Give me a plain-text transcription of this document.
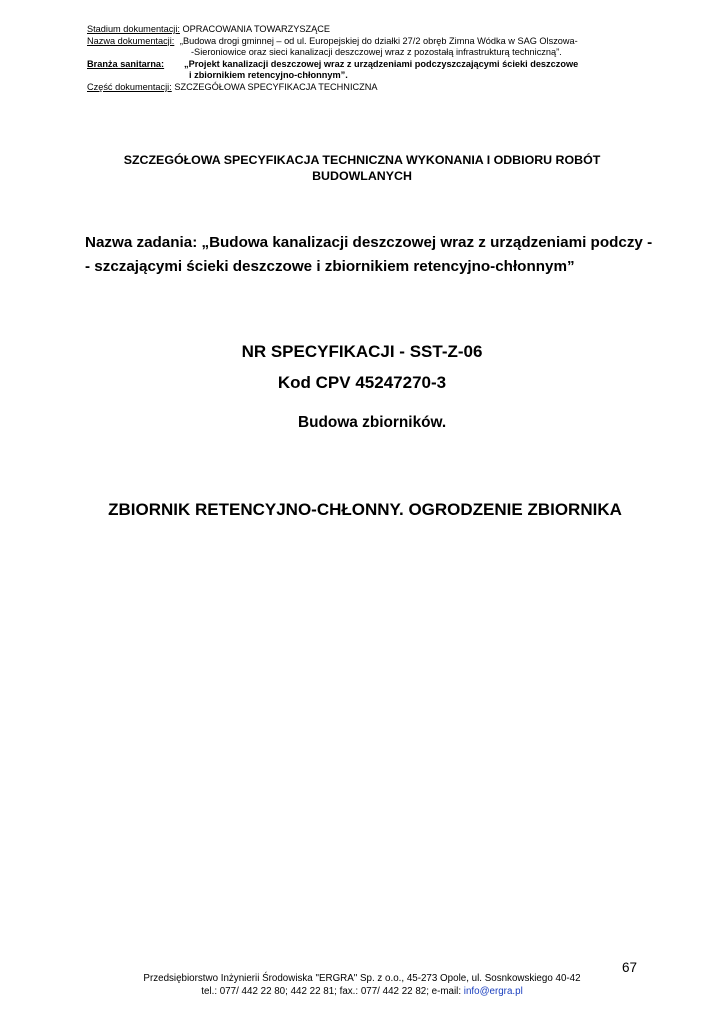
Stadium dokumentacji: OPRACOWANIA TOWARZYSZĄCE
Nazwa dokumentacji: „Budowa drogi gminnej – od ul. Europejskiej do działki 27/2 obręb Zimna Wódka w SAG Olszowa-
-Sieroniowice oraz sieci kanalizacji deszczowej wraz z pozostałą infrastrukturą techniczną”.
Branża sanitarna: „Projekt kanalizacji deszczowej wraz z urządzeniami podczyszczającymi ścieki deszczowe
i zbiornikiem retencyjno-chłonnym”.
Część dokumentacji: SZCZEGÓŁOWA SPECYFIKACJA TECHNICZNA
SZCZEGÓŁOWA SPECYFIKACJA TECHNICZNA WYKONANIA I ODBIORU ROBÓT
BUDOWLANYCH
Nazwa zadania: „Budowa kanalizacji deszczowej wraz z urządzeniami podczy -
- szczającymi ścieki deszczowe i zbiornikiem retencyjno-chłonnym”
NR SPECYFIKACJI - SST-Z-06
Kod CPV 45247270-3
Budowa zbiorników.
ZBIORNIK RETENCYJNO-CHŁONNY. OGRODZENIE ZBIORNIKA
67
Przedsiębiorstwo Inżynierii Środowiska "ERGRA" Sp. z o.o., 45-273 Opole, ul. Sosnkowskiego 40-42
tel.: 077/ 442 22 80; 442 22 81; fax.: 077/ 442 22 82; e-mail: info@ergra.pl
